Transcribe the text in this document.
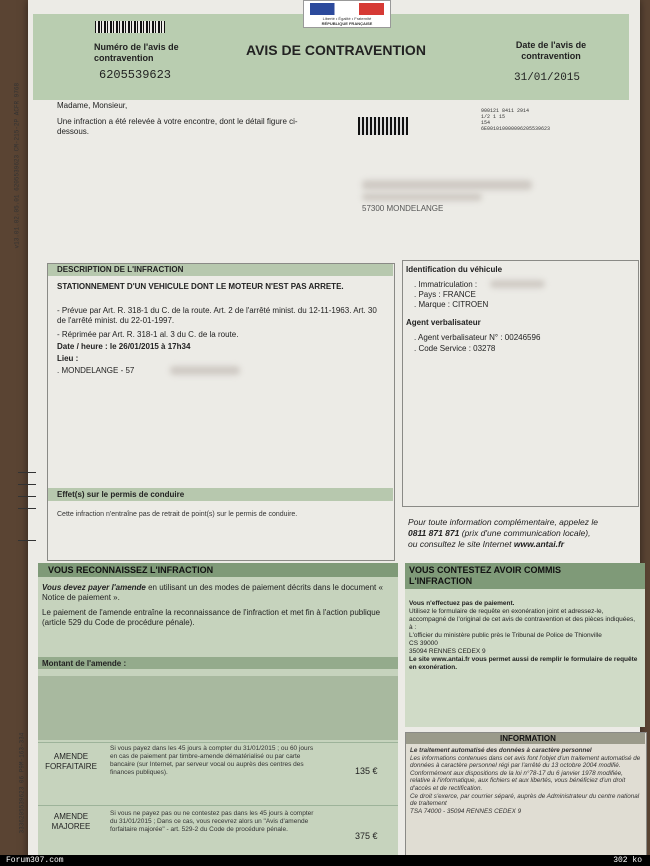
Liberté • Égalité • Fraternité
RÉPUBLIQUE FRANÇAISE
Numéro de l'avis de contravention
6205539623
AVIS DE CONTRAVENTION	Date de l'avis de contravention
31/01/2015
v13.01.02.05.01 6205539623 CM-215-2P ACFR 9768
3336205539623 06 P9M-163-334
Madame, Monsieur,
Une infraction a été relevée à votre encontre, dont le détail figure ci-dessous.
900121 8411 2914
1/2 1 15
154
6E001010000096205539623
57300 MONDELANGE
DESCRIPTION DE L'INFRACTION
STATIONNEMENT D'UN VEHICULE DONT LE MOTEUR N'EST PAS ARRETE.
- Prévue par Art. R. 318-1 du C. de la route. Art. 2 de l'arrêté minist. du 12-11-1963. Art. 30 de l'arrêté minist. du 22-01-1997.
- Réprimée par Art. R. 318-1 al. 3 du C. de la route.
Date / heure : le 26/01/2015 à 17h34
Lieu :
. MONDELANGE - 57
Effet(s) sur le permis de conduire
Cette infraction n'entraîne pas de retrait de point(s) sur le permis de conduire.
Identification du véhicule
. Immatriculation :
. Pays : FRANCE
. Marque : CITROEN
Agent verbalisateur
. Agent verbalisateur N° : 00246596
. Code Service : 03278
Pour toute information complémentaire, appelez le
0811 871 871 (prix d'une communication locale),
ou consultez le site Internet www.antai.fr
VOUS RECONNAISSEZ L'INFRACTION
Vous devez payer l'amende en utilisant un des modes de paiement décrits dans le document « Notice de paiement ».
Le paiement de l'amende entraîne la reconnaissance de l'infraction et met fin à l'action publique (article 529 du Code de procédure pénale).
Montant de l'amende :
AMENDE FORFAITAIRE
Si vous payez dans les 45 jours à compter du 31/01/2015 ; ou 60 jours en cas de paiement par timbre-amende dématérialisé ou par carte bancaire (sur Internet, par serveur vocal ou auprès des centres des finances publiques).	135 €
AMENDE MAJOREE
Si vous ne payez pas ou ne contestez pas dans les 45 jours à compter du 31/01/2015 ; Dans ce cas, vous recevrez alors un "Avis d'amende forfaitaire majorée" - art. 529-2 du Code de procédure pénale.
375 €
VOUS CONTESTEZ AVOIR COMMIS L'INFRACTION
Vous n'effectuez pas de paiement.
Utilisez le formulaire de requête en exonération joint et adressez-le, accompagné de l'original de cet avis de contravention et des pièces indiquées, à :
L'officier du ministère public près le Tribunal de Police de Thionville
CS 39000
35094 RENNES CEDEX 9
Le site www.antai.fr vous permet aussi de remplir le formulaire de requête en exonération.
INFORMATION
Le traitement automatisé des données à caractère personnel
Les informations contenues dans cet avis font l'objet d'un traitement automatisé de données à caractère personnel régi par l'arrêté du 13 octobre 2004 modifié. Conformément aux dispositions de la loi n°78-17 du 6 janvier 1978 modifiée, relative à l'informatique, aux fichiers et aux libertés, vous bénéficiez d'un droit d'accès et de rectification.
Ce droit s'exerce, par courrier séparé, auprès de Administrateur du centre national de traitement
TSA 74000 - 35094 RENNES CEDEX 9
Forum307.com	302 ko
